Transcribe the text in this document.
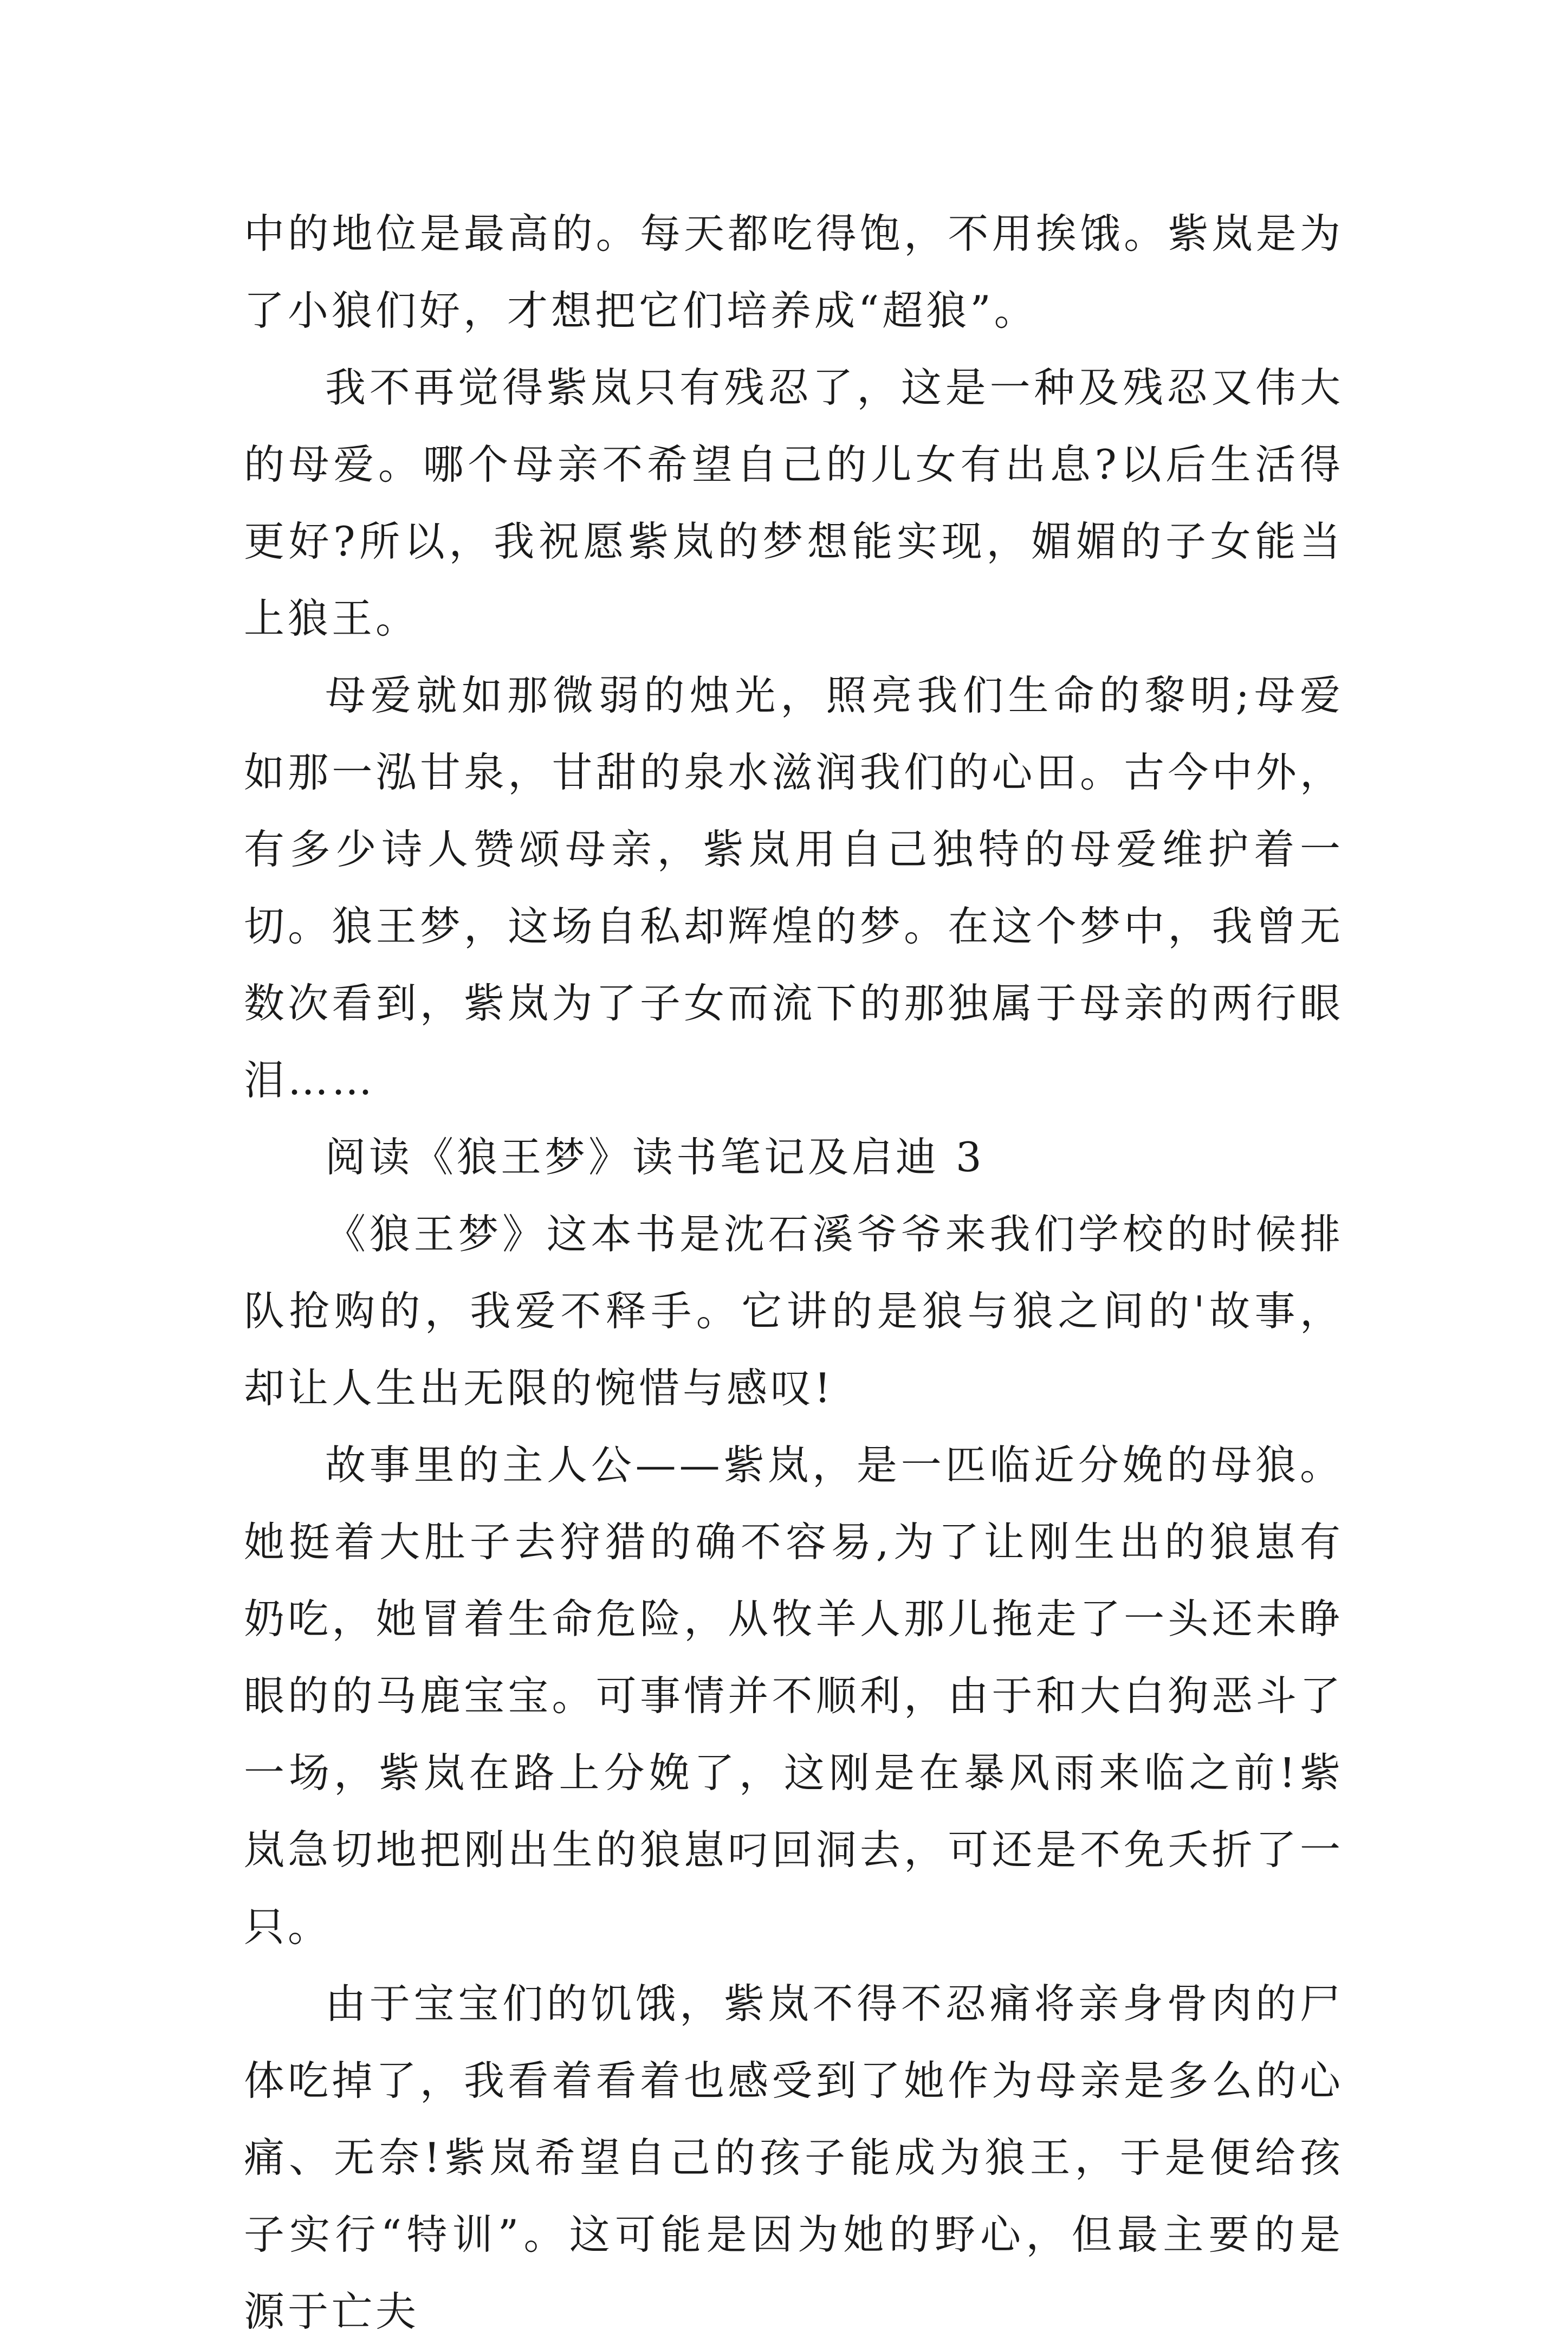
中的地位是最高的。每天都吃得饱，不用挨饿。紫岚是为了小狼们好，才想把它们培养成“超狼”。

我不再觉得紫岚只有残忍了，这是一种及残忍又伟大的母爱。哪个母亲不希望自己的儿女有出息?以后生活得更好?所以，我祝愿紫岚的梦想能实现，媚媚的子女能当上狼王。

母爱就如那微弱的烛光，照亮我们生命的黎明;母爱如那一泓甘泉，甘甜的泉水滋润我们的心田。古今中外，有多少诗人赞颂母亲，紫岚用自己独特的母爱维护着一切。狼王梦，这场自私却辉煌的梦。在这个梦中，我曾无数次看到，紫岚为了子女而流下的那独属于母亲的两行眼泪……

阅读《狼王梦》读书笔记及启迪 3

《狼王梦》这本书是沈石溪爷爷来我们学校的时候排队抢购的，我爱不释手。它讲的是狼与狼之间的'故事，却让人生出无限的惋惜与感叹!

故事里的主人公——紫岚，是一匹临近分娩的母狼。她挺着大肚子去狩猎的确不容易,为了让刚生出的狼崽有奶吃，她冒着生命危险，从牧羊人那儿拖走了一头还未睁眼的的马鹿宝宝。可事情并不顺利，由于和大白狗恶斗了一场，紫岚在路上分娩了，这刚是在暴风雨来临之前!紫岚急切地把刚出生的狼崽叼回洞去，可还是不免夭折了一只。

由于宝宝们的饥饿，紫岚不得不忍痛将亲身骨肉的尸体吃掉了，我看着看着也感受到了她作为母亲是多么的心痛、无奈!紫岚希望自己的孩子能成为狼王，于是便给孩子实行“特训”。这可能是因为她的野心，但最主要的是源于亡夫
